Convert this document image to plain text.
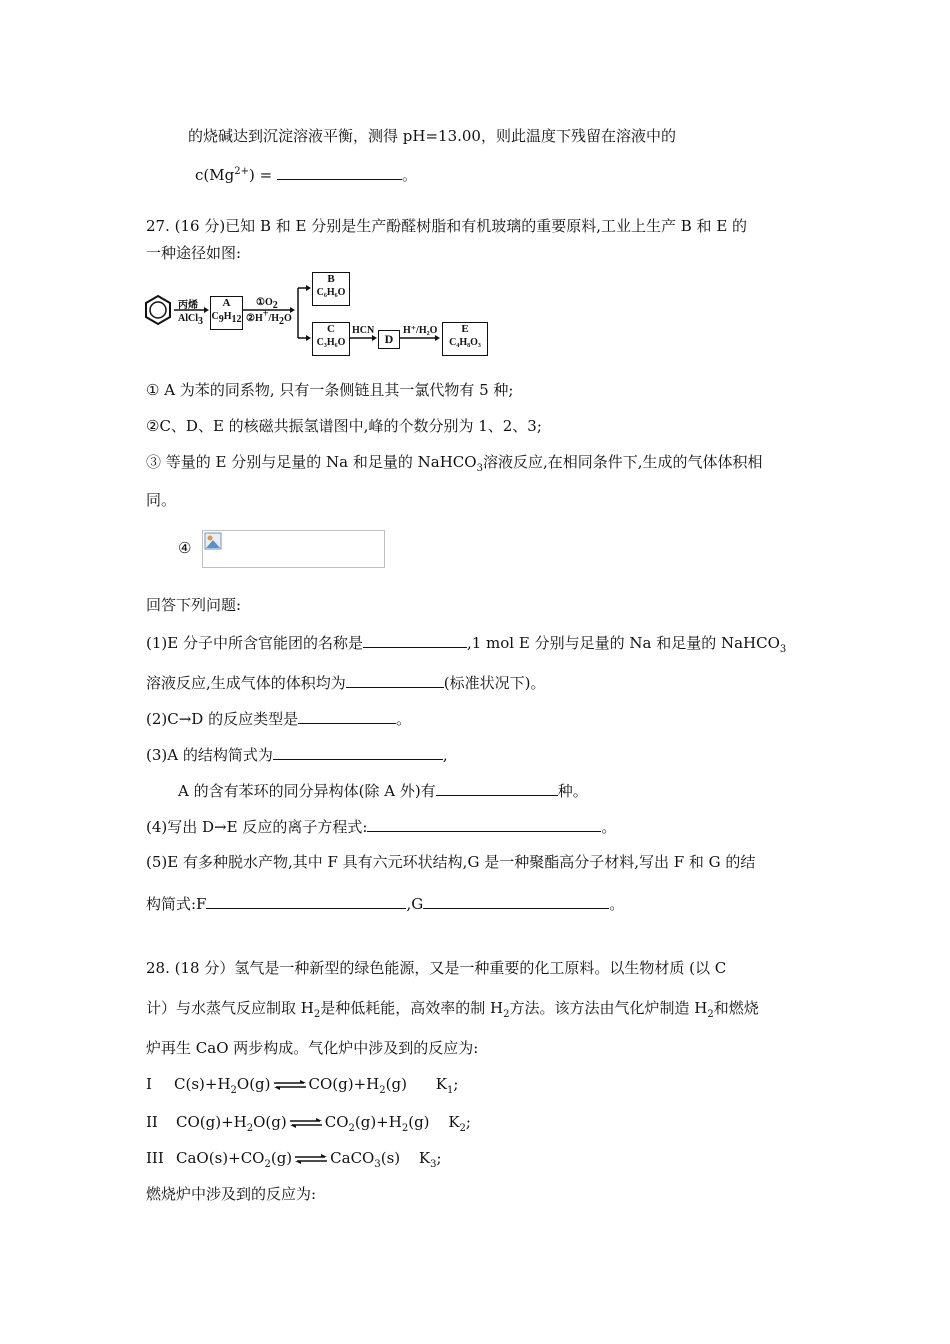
的烧碱达到沉淀溶液平衡，测得 pH=13.00，则此温度下残留在溶液中的
$c(Mg^{2+})$ =	。
27. (16 分)已知 B 和 E 分别是生产酚醛树脂和有机玻璃的重要原料,工业上生产 B 和 E 的
一种途径如图:
丙烯
AlCl$_3$
A
$C_9H_{12}$
$①O_2$
$②H^+/H_2O$
B
C₆H₆O
C
C₃H₆O
HCN
D
H⁺/H₂O	E
C₄H₈O₃
① A 为苯的同系物, 只有一条侧链且其一氯代物有 5 种;
②C、D、E 的核磁共振氢谱图中,峰的个数分别为 1、2、3;
③ 等量的 E 分别与足量的 Na 和足量的 NaHCO$_3$溶液反应,在相同条件下,生成的气体体积相
同。
④
回答下列问题:
(1)E 分子中所含官能团的名称是	,1 mol E 分别与足量的 Na 和足量的 NaHCO$_3$
溶液反应,生成气体的体积均为	(标准状况下)。
(2)C→D 的反应类型是	。
(3)A 的结构简式为	,
A 的含有苯环的同分异构体(除 A 外)有	种。
(4)写出 D→E 反应的离子方程式:	。
(5)E 有多种脱水产物,其中 F 具有六元环状结构,G 是一种聚酯高分子材料,写出 F 和 G 的结
构简式:F	,G	。
28. (18 分）氢气是一种新型的绿色能源，又是一种重要的化工原料。以生物材质 (以 C
计）与水蒸气反应制取 $H_2$是种低耗能，高效率的制 $H_2$方法。该方法由气化炉制造 $H_2$和燃烧
炉再生 CaO 两步构成。气化炉中涉及到的反应为:
I $C(s)+H_2O(g)$ ⇌ $CO(g)+H_2(g)$ $K_1$;
II $CO(g)+H_2O(g)$ ⇌ $CO_2(g)+H_2(g)$ $K_2$;
III $CaO(s)+CO_2(g)$ ⇌ CaCO$_3$(s) $K_3$;
燃烧炉中涉及到的反应为:
